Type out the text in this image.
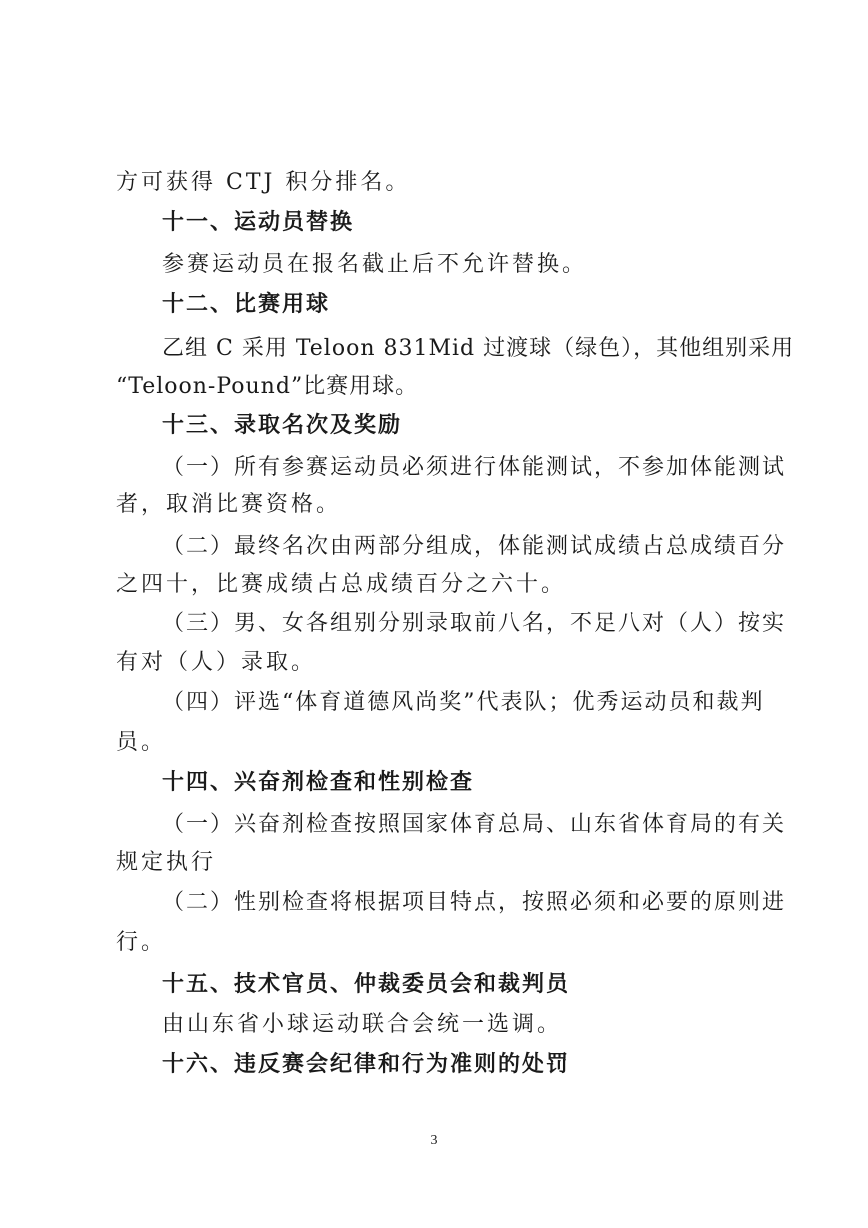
方可获得 CTJ 积分排名。
十一、运动员替换
参赛运动员在报名截止后不允许替换。
十二、比赛用球
乙组 C 采用 Teloon 831Mid 过渡球（绿色），其他组别采用
“Teloon-Pound”比赛用球。
十三、录取名次及奖励
（一）所有参赛运动员必须进行体能测试，不参加体能测试
者，取消比赛资格。
（二）最终名次由两部分组成，体能测试成绩占总成绩百分
之四十，比赛成绩占总成绩百分之六十。
（三）男、女各组别分别录取前八名，不足八对（人）按实
有对（人）录取。
（四）评选“体育道德风尚奖”代表队；优秀运动员和裁判
员。
十四、兴奋剂检查和性别检查
（一）兴奋剂检查按照国家体育总局、山东省体育局的有关
规定执行
（二）性别检查将根据项目特点，按照必须和必要的原则进
行。
十五、技术官员、仲裁委员会和裁判员
由山东省小球运动联合会统一选调。
十六、违反赛会纪律和行为准则的处罚
3
